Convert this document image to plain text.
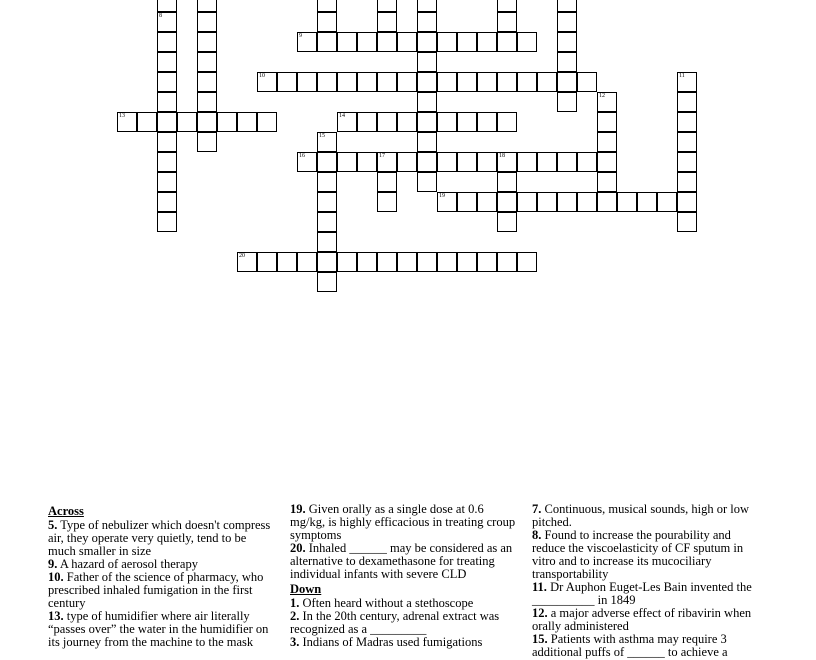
8
9
10
13	14
16	17	18
19
20
11
12
15
Across
5. Type of nebulizer which doesn't compress air, they operate very quietly, tend to be much smaller in size
9. A hazard of aerosol therapy
10. Father of the science of pharmacy, who prescribed inhaled fumigation in the first century
13. type of humidifier where air literally “passes over” the water in the humidifier on its journey from the machine to the mask
19. Given orally as a single dose at 0.6 mg/kg, is highly efficacious in treating croup symptoms
20. Inhaled ______ may be considered as an alternative to dexamethasone for treating individual infants with severe CLD
Down
1. Often heard without a stethoscope
2. In the 20th century, adrenal extract was recognized as a _________
3. Indians of Madras used fumigations
7. Continuous, musical sounds, high or low pitched.
8. Found to increase the pourability and reduce the viscoelasticity of CF sputum in vitro and to increase its mucociliary transportability
11. Dr Auphon Euget-Les Bain invented the __________ in 1849
12. a major adverse effect of ribavirin when orally administered
15. Patients with asthma may require 3 additional puffs of ______ to achieve a
